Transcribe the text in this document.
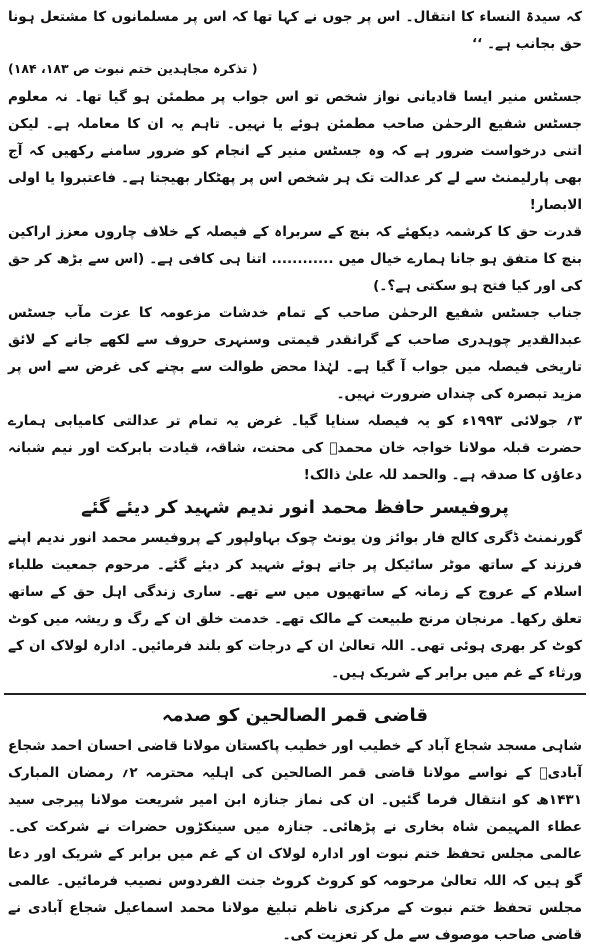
کہ سیدۃ النساء کا انتقال۔ اس پر جوں نے کہا تھا کہ اس پر مسلمانوں کا مشتعل ہونا حق بجانب ہے۔ ‘‘

( تذکرہ مجاہدین ختم نبوت ص ۱۸۳، ۱۸۴)

جسٹس منیر ایسا قادیانی نواز شخص تو اس جواب پر مطمئن ہو گیا تھا۔ نہ معلوم جسٹس شفیع الرحمٰن صاحب مطمئن ہوئے یا نہیں۔ تاہم یہ ان کا معاملہ ہے۔ لیکن اتنی درخواست ضرور ہے کہ وہ جسٹس منیر کے انجام کو ضرور سامنے رکھیں کہ آج بھی پارلیمنٹ سے لے کر عدالت تک ہر شخص اس پر پھٹکار بھیجتا ہے۔ فاعتبروا یا اولی الابصار!

قدرت حق کا کرشمہ دیکھئے کہ بنچ کے سربراہ کے فیصلہ کے خلاف چاروں معزز اراکین بنچ کا متفق ہو جانا ہمارے خیال میں ............ اتنا ہی کافی ہے۔ (اس سے بڑھ کر حق کی اور کیا فتح ہو سکتی ہے؟۔)

جناب جسٹس شفیع الرحمٰن صاحب کے تمام خدشات مزعومہ کا عزت مآب جسٹس عبدالقدیر چوہدری صاحب کے گرانقدر قیمتی وسنہری حروف سے لکھے جانے کے لائق تاریخی فیصلہ میں جواب آ گیا ہے۔ لہٰذا محض طوالت سے بچنے کی غرض سے اس پر مزید تبصرہ کی چنداں ضرورت نہیں۔

۳؍ جولائی ۱۹۹۳ء کو یہ فیصلہ سنایا گیا۔ غرض یہ تمام تر عدالتی کامیابی ہمارے حضرت قبلہ مولانا خواجہ خان محمدؒ کی محنت، شاقہ، قیادت بابرکت اور نیم شبانہ دعاؤں کا صدقہ ہے۔ والحمد للہ علیٰ ذالک!

پروفیسر حافظ محمد انور ندیم شہید کر دیئے گئے

گورنمنٹ ڈگری کالج فار بوائز ون یونٹ چوک بہاولپور کے پروفیسر محمد انور ندیم اپنے فرزند کے ساتھ موٹر سائیکل پر جاتے ہوئے شہید کر دیئے گئے۔ مرحوم جمعیت طلباء اسلام کے عروج کے زمانہ کے ساتھیوں میں سے تھے۔ ساری زندگی اہل حق کے ساتھ تعلق رکھا۔ مرنجان مرنج طبیعت کے مالک تھے۔ خدمت خلق ان کے رگ و ریشہ میں کوٹ کوٹ کر بھری ہوئی تھی۔ اللہ تعالیٰ ان کے درجات کو بلند فرمائیں۔ ادارہ لولاک ان کے ورثاء کے غم میں برابر کے شریک ہیں۔

قاضی قمر الصالحین کو صدمہ

شاہی مسجد شجاع آباد کے خطیب اور خطیب پاکستان مولانا قاضی احسان احمد شجاع آبادیؒ کے نواسے مولانا قاضی قمر الصالحین کی اہلیہ محترمہ ۲؍ رمضان المبارک ۱۴۳۱ھ کو انتقال فرما گئیں۔ ان کی نماز جنازہ ابن امیر شریعت مولانا پیرجی سید عطاء المہیمن شاہ بخاری نے پڑھائی۔ جنازہ میں سینکڑوں حضرات نے شرکت کی۔ عالمی مجلس تحفظ ختم نبوت اور ادارہ لولاک ان کے غم میں برابر کے شریک اور دعا گو ہیں کہ اللہ تعالیٰ مرحومہ کو کروٹ کروٹ جنت الفردوس نصیب فرمائیں۔ عالمی مجلس تحفظ ختم نبوت کے مرکزی ناظم تبلیغ مولانا محمد اسماعیل شجاع آبادی نے قاضی صاحب موصوف سے مل کر تعزیت کی۔
